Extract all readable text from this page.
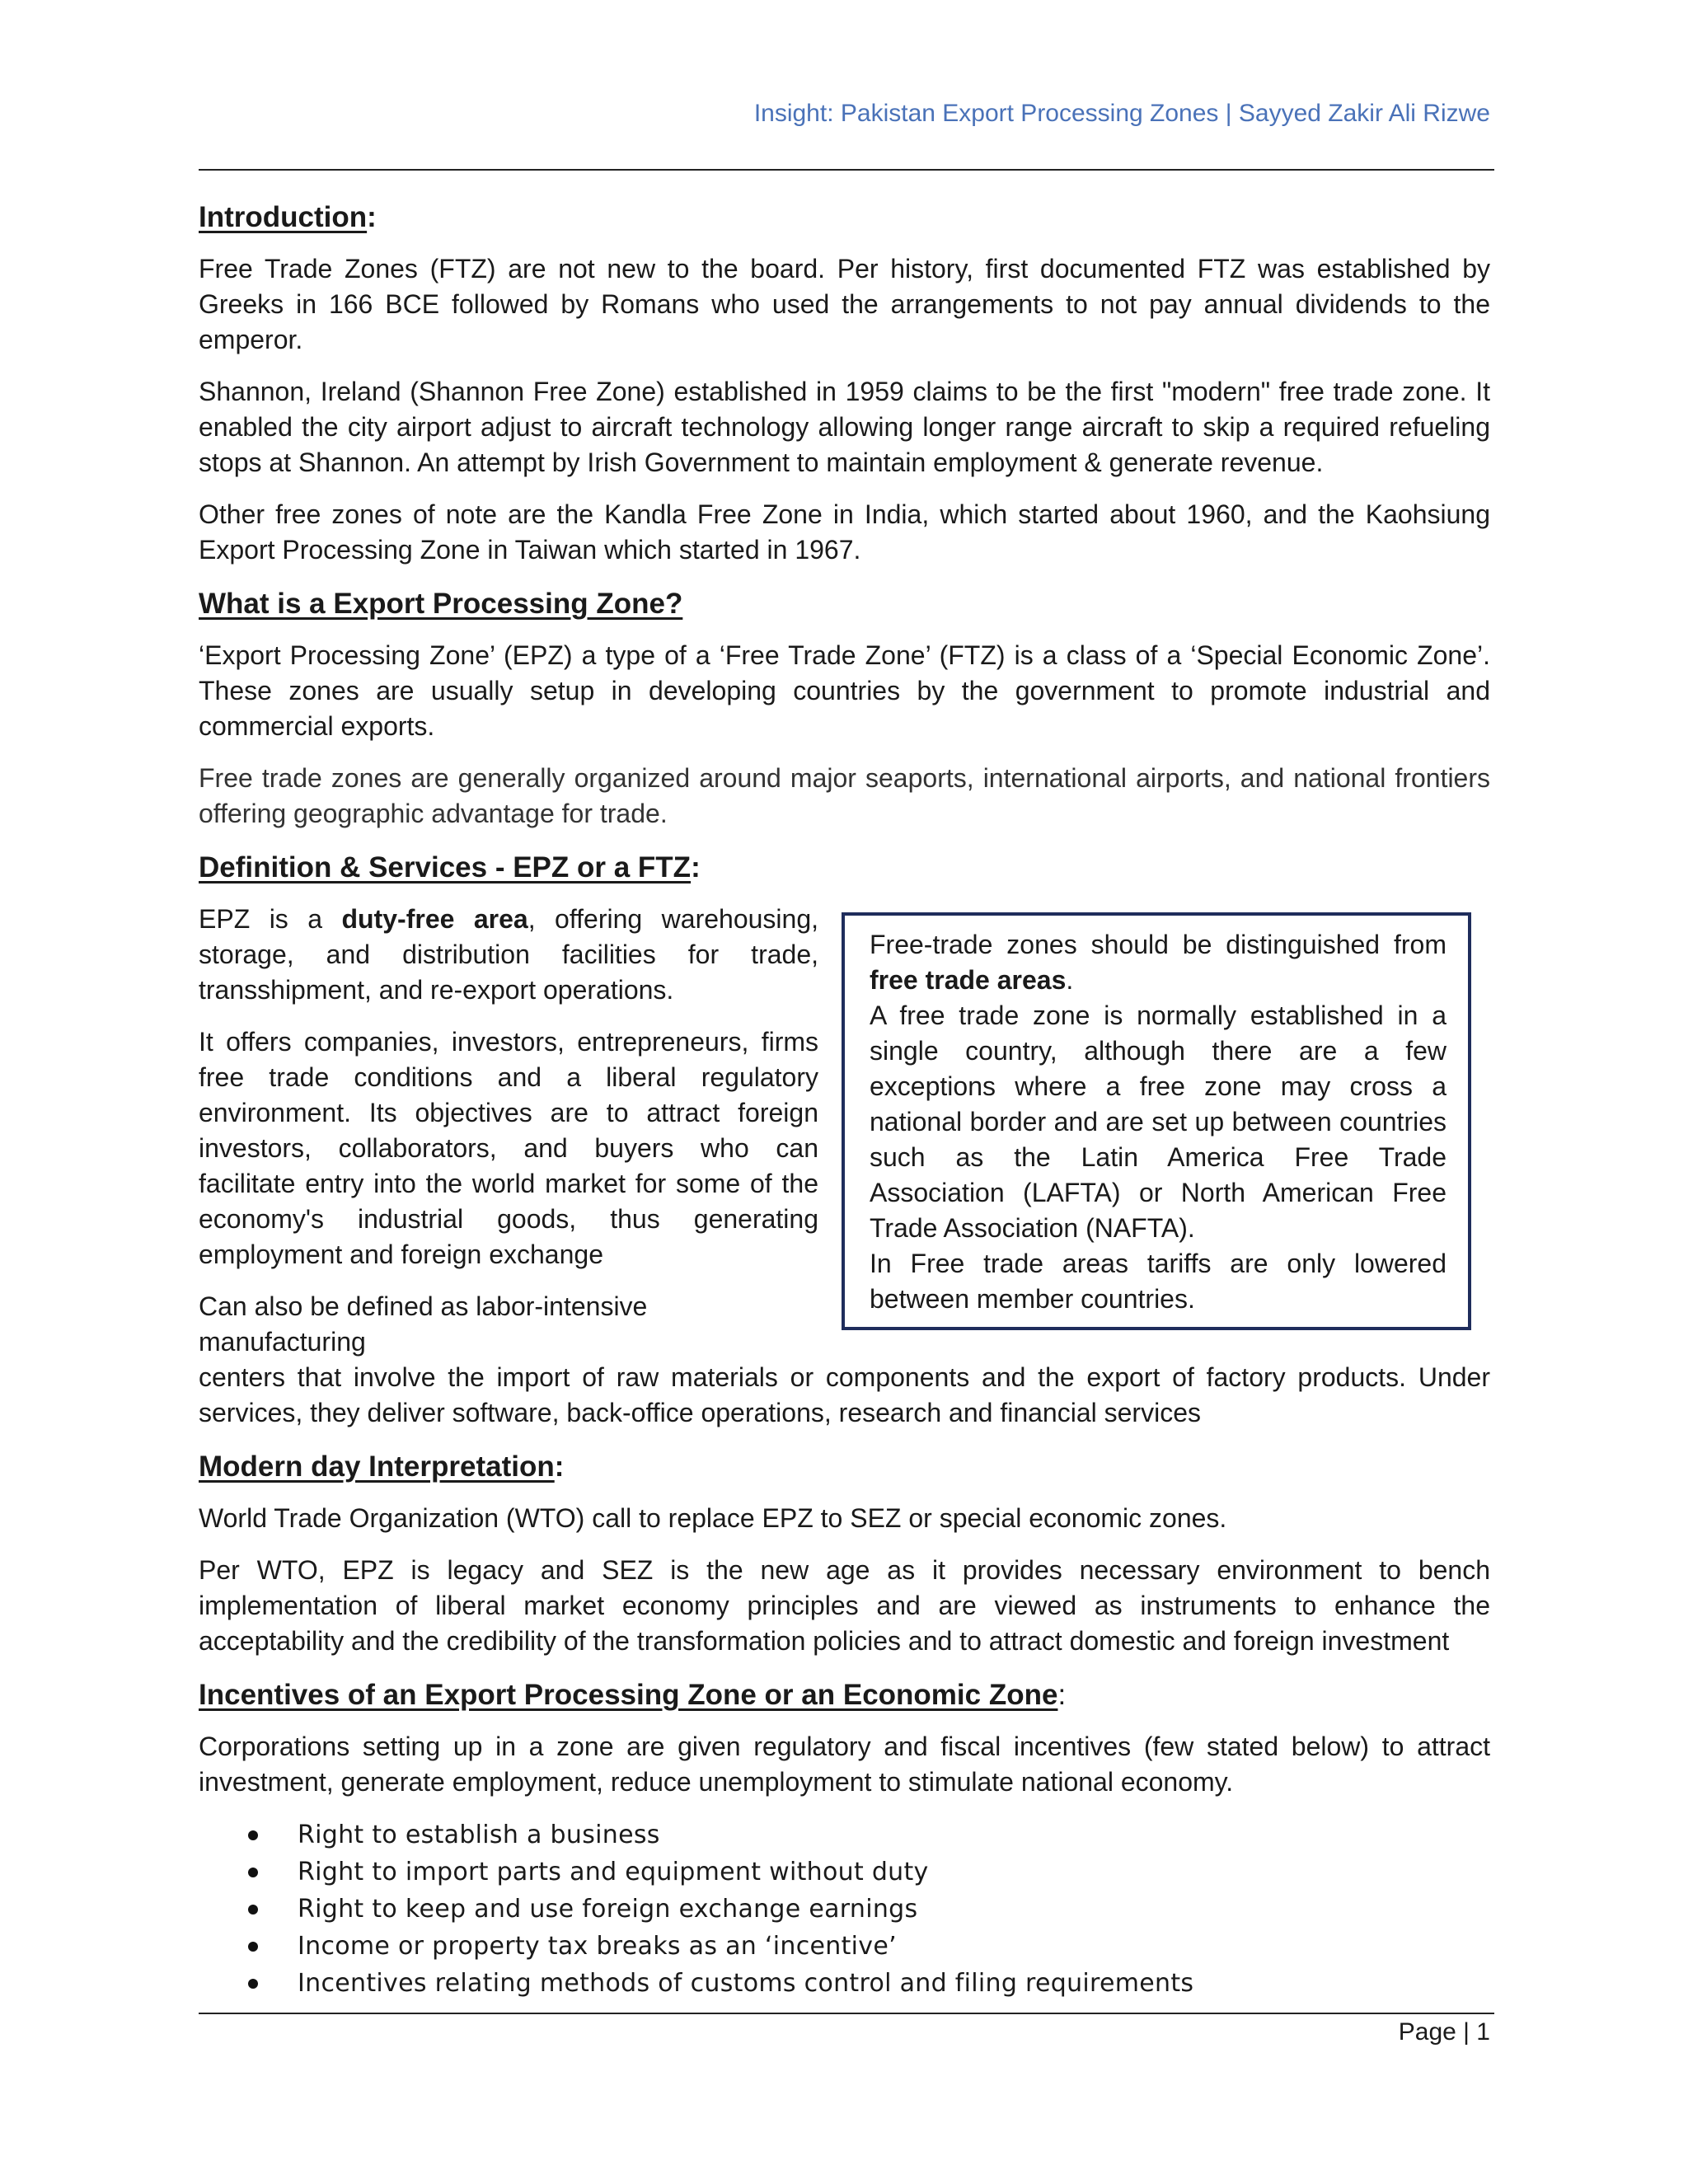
Insight: Pakistan Export Processing Zones | Sayyed Zakir Ali Rizwe
Introduction:

Free Trade Zones (FTZ) are not new to the board. Per history, first documented FTZ was established by Greeks in 166 BCE followed by Romans who used the arrangements to not pay annual dividends to the emperor.

Shannon, Ireland (Shannon Free Zone) established in 1959 claims to be the first "modern" free trade zone. It enabled the city airport adjust to aircraft technology allowing longer range aircraft to skip a required refueling stops at Shannon. An attempt by Irish Government to maintain employment & generate revenue.

Other free zones of note are the Kandla Free Zone in India, which started about 1960, and the Kaohsiung Export Processing Zone in Taiwan which started in 1967.

What is a Export Processing Zone?

‘Export Processing Zone’ (EPZ) a type of a ‘Free Trade Zone’ (FTZ) is a class of a ‘Special Economic Zone’. These zones are usually setup in developing countries by the government to promote industrial and commercial exports.

Free trade zones are generally organized around major seaports, international airports, and national frontiers offering geographic advantage for trade.

Definition & Services - EPZ or a FTZ:

EPZ is a duty-free area, offering warehousing, storage, and distribution facilities for trade, transshipment, and re-export operations.

It offers companies, investors, entrepreneurs, firms free trade conditions and a liberal regulatory environment. Its objectives are to attract foreign investors, collaborators, and buyers who can facilitate entry into the world market for some of the economy's industrial goods, thus generating employment and foreign exchange

Can also be defined as labor-intensive manufacturing
Free-trade zones should be distinguished from free trade areas.
A free trade zone is normally established in a single country, although there are a few exceptions where a free zone may cross a national border and are set up between countries such as the Latin America Free Trade Association (LAFTA) or North American Free Trade Association (NAFTA).
In Free trade areas tariffs are only lowered between member countries.

centers that involve the import of raw materials or components and the export of factory products. Under services, they deliver software, back-office operations, research and financial services

Modern day Interpretation:

World Trade Organization (WTO) call to replace EPZ to SEZ or special economic zones.

Per WTO, EPZ is legacy and SEZ is the new age as it provides necessary environment to bench implementation of liberal market economy principles and are viewed as instruments to enhance the acceptability and the credibility of the transformation policies and to attract domestic and foreign investment

Incentives of an Export Processing Zone or an Economic Zone:

Corporations setting up in a zone are given regulatory and fiscal incentives (few stated below) to attract investment, generate employment, reduce unemployment to stimulate national economy.

Right to establish a business
Right to import parts and equipment without duty
Right to keep and use foreign exchange earnings
Income or property tax breaks as an ‘incentive’
Incentives relating methods of customs control and filing requirements
Page | 1
